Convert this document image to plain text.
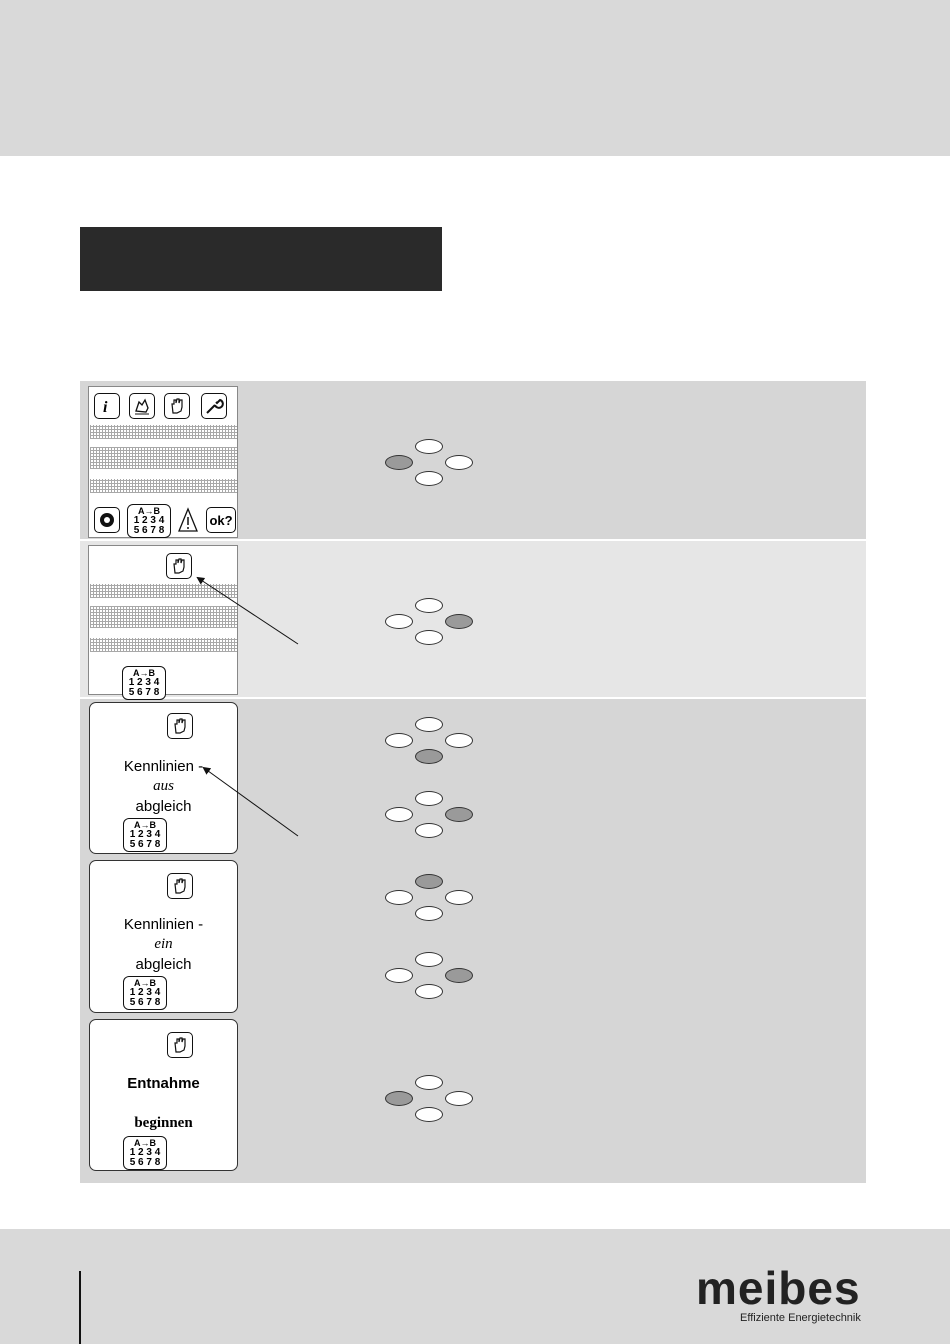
i
A→B
1 2 3 4
5 6 7 8
ok?
A→B
1 2 3 4
5 6 7 8
Kennlinien -
aus
abgleich
A→B
1 2 3 4
5 6 7 8
Kennlinien -
ein
abgleich
A→B
1 2 3 4
5 6 7 8
Entnahme
beginnen
A→B
1 2 3 4
5 6 7 8
meibes
Effiziente Energietechnik
